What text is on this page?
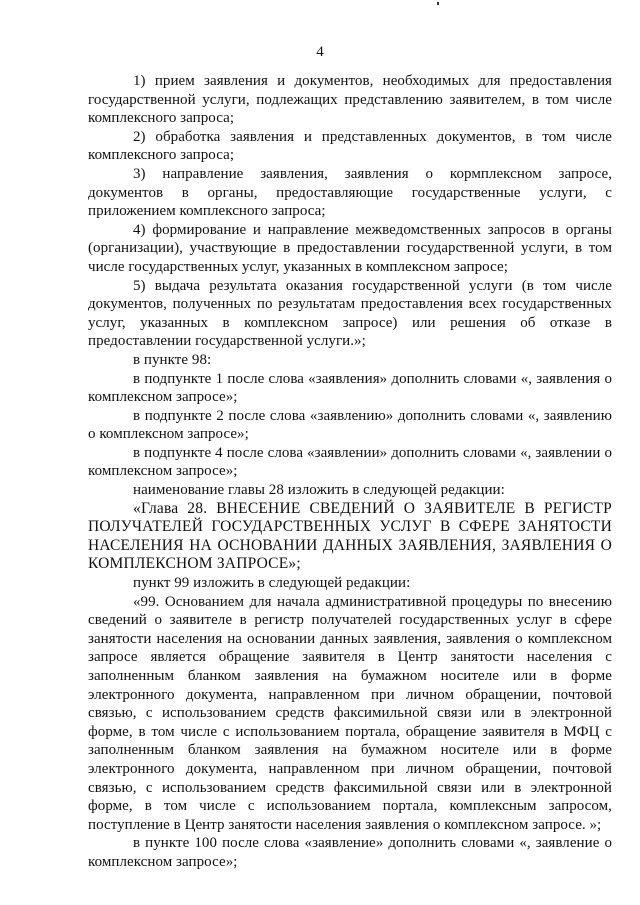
4

1) прием заявления и документов, необходимых для предоставления государственной услуги, подлежащих представлению заявителем, в том числе комплексного запроса;

2) обработка заявления и представленных документов, в том числе комплексного запроса;

3) направление заявления, заявления о кормплексном запросе, документов в органы, предоставляющие государственные услуги, с приложением комплексного запроса;

4) формирование и направление межведомственных запросов в органы (организации), участвующие в предоставлении государственной услуги, в том числе государственных услуг, указанных в комплексном запросе;

5) выдача результата оказания государственной услуги (в том числе документов, полученных по результатам предоставления всех государственных услуг, указанных в комплексном запросе) или решения об отказе в предоставлении государственной услуги.»;

в пункте 98:

в подпункте 1 после слова «заявления» дополнить словами «, заявления о комплексном запросе»;

в подпункте 2 после слова «заявлению» дополнить словами «, заявлению о комплексном запросе»;

в подпункте 4 после слова «заявлении» дополнить словами «, заявлении о комплексном запросе»;

наименование главы 28 изложить в следующей редакции:

«Глава 28. ВНЕСЕНИЕ СВЕДЕНИЙ О ЗАЯВИТЕЛЕ В РЕГИСТР ПОЛУЧАТЕЛЕЙ ГОСУДАРСТВЕННЫХ УСЛУГ В СФЕРЕ ЗАНЯТОСТИ НАСЕЛЕНИЯ НА ОСНОВАНИИ ДАННЫХ ЗАЯВЛЕНИЯ, ЗАЯВЛЕНИЯ О КОМПЛЕКСНОМ ЗАПРОСЕ»;

пункт 99 изложить в следующей редакции:

«99. Основанием для начала административной процедуры по внесению сведений о заявителе в регистр получателей государственных услуг в сфере занятости населения на основании данных заявления, заявления о комплексном запросе является обращение заявителя в Центр занятости населения с заполненным бланком заявления на бумажном носителе или в форме электронного документа, направленном при личном обращении, почтовой связью, с использованием средств факсимильной связи или в электронной форме, в том числе с использованием портала, обращение заявителя в МФЦ с заполненным бланком заявления на бумажном носителе или в форме электронного документа, направленном при личном обращении, почтовой связью, с использованием средств факсимильной связи или в электронной форме, в том числе с использованием портала, комплексным запросом, поступление в Центр занятости населения заявления о комплексном запросе. »;

в пункте 100 после слова «заявление» дополнить словами «, заявление о комплексном запросе»;
